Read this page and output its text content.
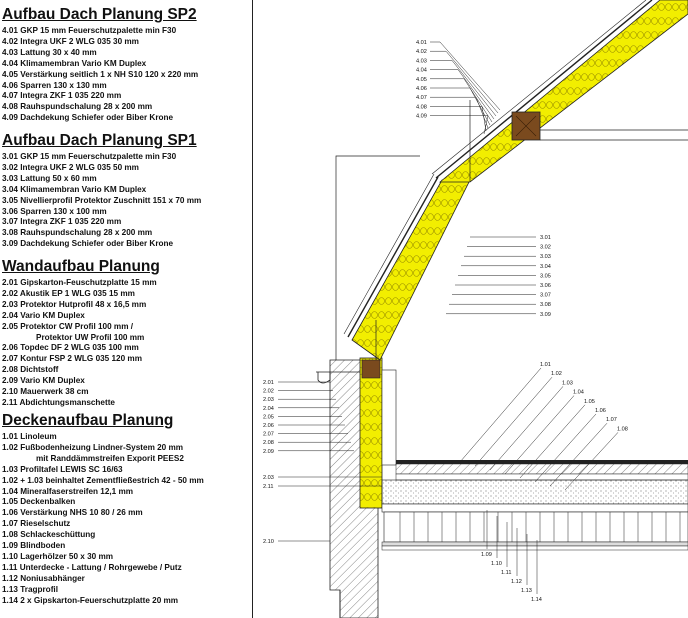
Aufbau Dach Planung SP2
4.01 GKP 15 mm Feuerschutzpalette min F30
4.02 Integra UKF 2 WLG 035 30 mm
4.03 Lattung 30 x 40 mm
4.04 Klimamembran Vario KM Duplex
4.05 Verstärkung seitlich 1 x NH S10 120 x 220 mm
4.06 Sparren 130 x 130 mm
4.07 Integra ZKF 1 035 220 mm
4.08 Rauhspundschalung 28 x 200 mm
4.09 Dachdekung Schiefer oder Biber Krone
Aufbau Dach Planung SP1
3.01 GKP 15 mm Feuerschutzpalette min F30
3.02 Integra UKF 2 WLG 035 50 mm
3.03 Lattung 50 x 60 mm
3.04 Klimamembran Vario KM Duplex
3.05 Nivellierprofil Protektor Zuschnitt 151 x 70 mm
3.06 Sparren 130 x 100 mm
3.07 Integra ZKF 1 035 220 mm
3.08 Rauhspundschalung 28 x 200 mm
3.09 Dachdekung Schiefer oder Biber Krone
Wandaufbau Planung
2.01 Gipskarton-Feuschutzplatte 15 mm
2.02 Akustik EP 1 WLG 035 15 mm
2.03 Protektor Hutprofil 48 x 16,5 mm
2.04 Vario KM Duplex
2.05 Protektor CW Profil 100 mm /
Protektor UW Profil 100 mm
2.06 Topdec DF 2 WLG 035 100 mm
2.07 Kontur FSP 2 WLG 035 120 mm
2.08 Dichtstoff
2.09 Vario KM Duplex
2.10 Mauerwerk 38 cm
2.11 Abdichtungsmanschette
Deckenaufbau Planung
1.01 Linoleum
1.02 Fußbodenheizung Lindner-System 20 mm
mit Randdämmstreifen Exporit PEES2
1.03 Profiltafel LEWIS SC 16/63
1.02 + 1.03 beinhaltet Zementfließestrich 42 - 50 mm
1.04 Mineralfaserstreifen 12,1 mm
1.05 Deckenbalken
1.06 Verstärkung NHS 10 80 / 26 mm
1.07 Rieselschutz
1.08 Schlackeschüttung
1.09 Blindboden
1.10 Lagerhölzer 50 x 30 mm
1.11 Unterdecke - Lattung / Rohrgewebe / Putz
1.12 Noniusabhänger
1.13 Tragprofil
1.14 2 x Gipskarton-Feuerschutzplatte 20 mm
4.01
4.02
4.03
4.04
4.05
4.06
4.07
4.08
4.09
3.01
3.02
3.03
3.04
3.05
3.06
3.07
3.08
3.09
2.01
2.02
2.03
2.04
2.05
2.06
2.07
2.08
2.09
2.03
2.11
2.10
1.01
1.02
1.03
1.04
1.05
1.06
1.07
1.08
1.09
1.10
1.11
1.12
1.13
1.14
